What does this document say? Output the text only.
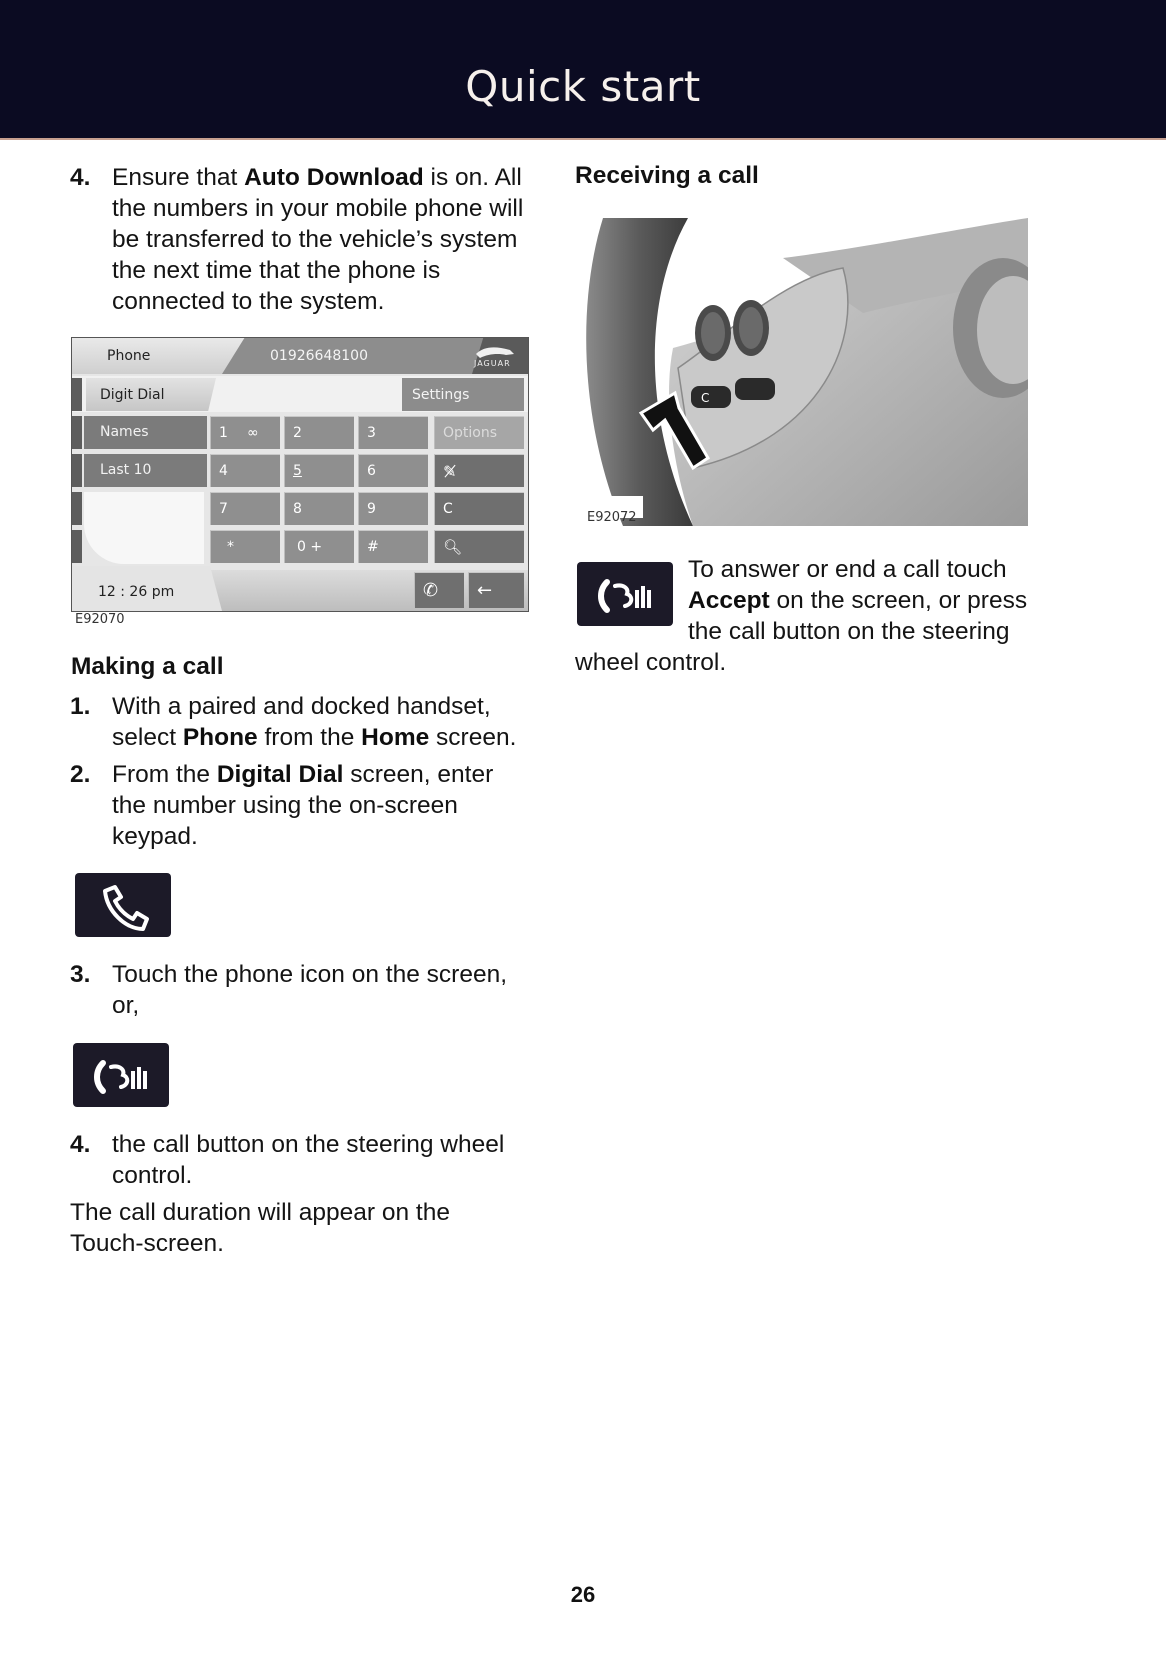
Quick start
4. Ensure that Auto Download is on. All
the numbers in your mobile phone will
be transferred to the vehicle’s system
the next time that the phone is
connected to the system.
Phone	01926648100	JAGUAR
Digit Dial	Settings
Names
Last 10
1 ∞	2	3	Options
4	5	6	✎̸
7	8	9	C
*	0 +	#	🔍︎
12 : 26 pm	✆	←
E92070
Making a call
1. With a paired and docked handset,
select Phone from the Home screen.
2. From the Digital Dial screen, enter
the number using the on-screen
keypad.
3. Touch the phone icon on the screen,
or,
4. the call button on the steering wheel
control.
The call duration will appear on the
Touch-screen.
Receiving a call
C
E92072
To answer or end a call touch
Accept on the screen, or press
the call button on the steering
wheel control.
26
